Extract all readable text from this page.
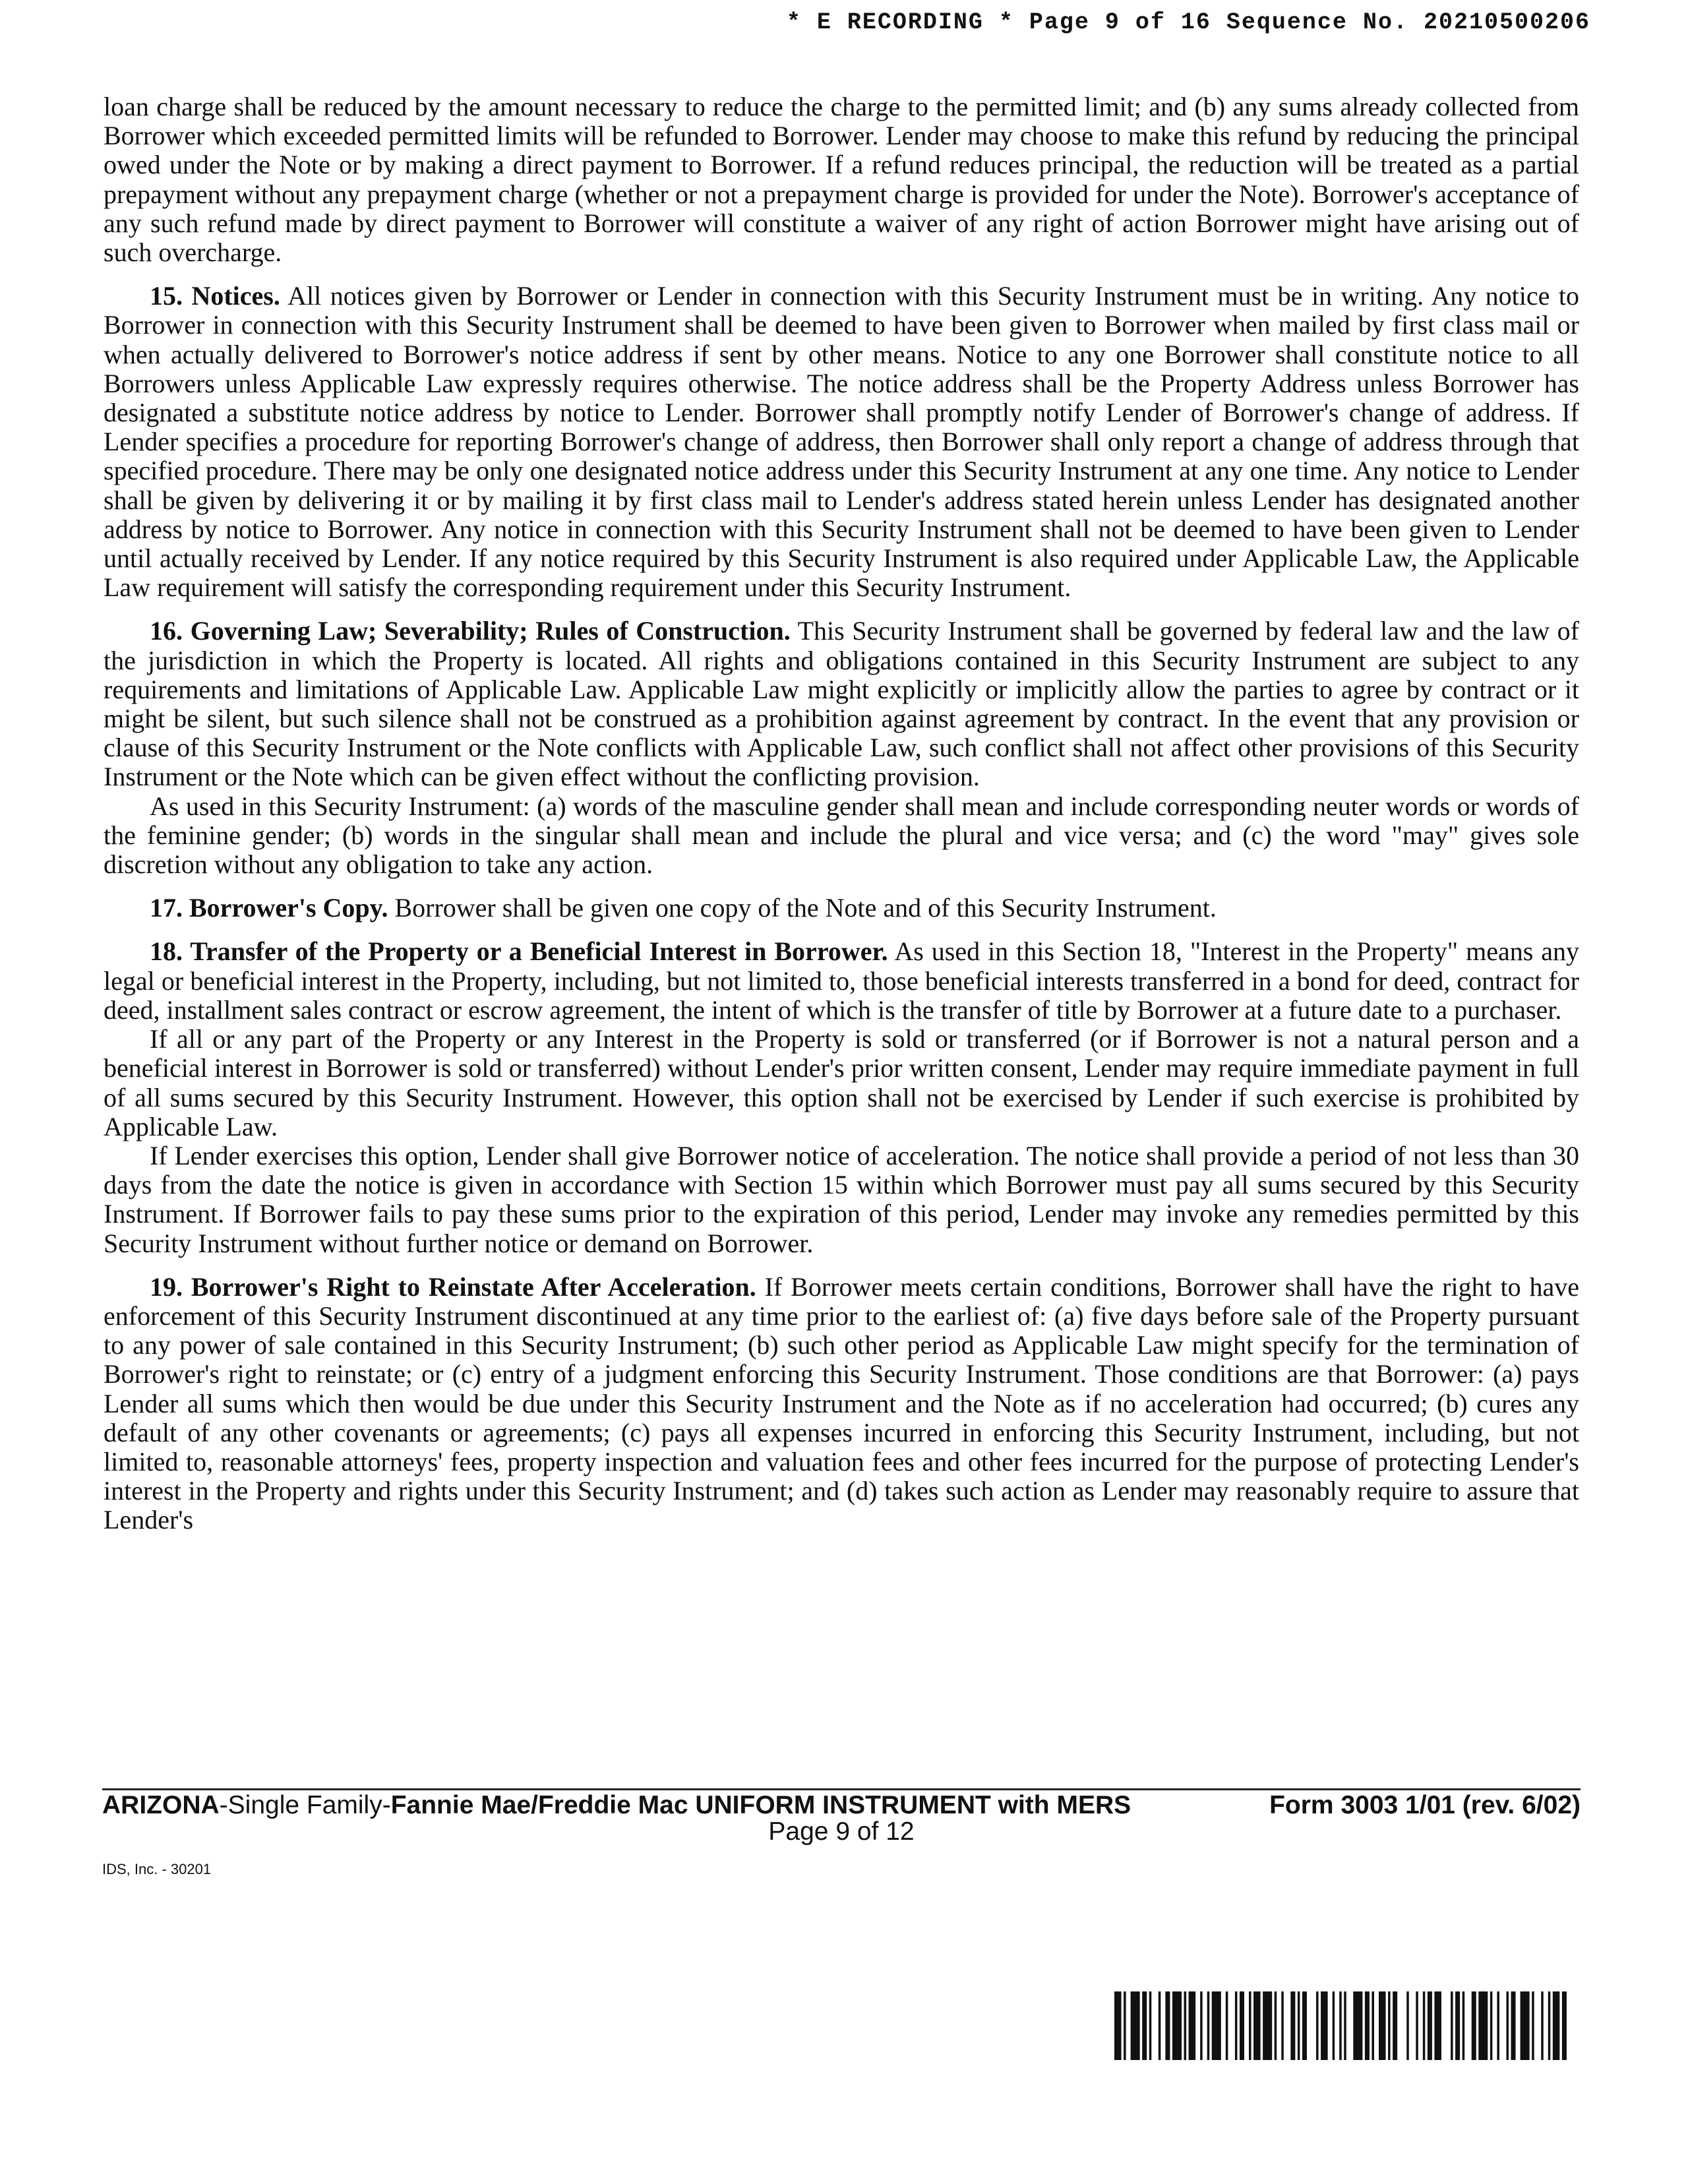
* E RECORDING * Page 9 of 16 Sequence No. 20210500206

loan charge shall be reduced by the amount necessary to reduce the charge to the permitted limit; and (b) any sums already collected from Borrower which exceeded permitted limits will be refunded to Borrower. Lender may choose to make this refund by reducing the principal owed under the Note or by making a direct payment to Borrower. If a refund reduces principal, the reduction will be treated as a partial prepayment without any prepayment charge (whether or not a prepayment charge is provided for under the Note). Borrower's acceptance of any such refund made by direct payment to Borrower will constitute a waiver of any right of action Borrower might have arising out of such overcharge.

15. Notices. All notices given by Borrower or Lender in connection with this Security Instrument must be in writing. Any notice to Borrower in connection with this Security Instrument shall be deemed to have been given to Borrower when mailed by first class mail or when actually delivered to Borrower's notice address if sent by other means. Notice to any one Borrower shall constitute notice to all Borrowers unless Applicable Law expressly requires otherwise. The notice address shall be the Property Address unless Borrower has designated a substitute notice address by notice to Lender. Borrower shall promptly notify Lender of Borrower's change of address. If Lender specifies a procedure for reporting Borrower's change of address, then Borrower shall only report a change of address through that specified procedure. There may be only one designated notice address under this Security Instrument at any one time. Any notice to Lender shall be given by delivering it or by mailing it by first class mail to Lender's address stated herein unless Lender has designated another address by notice to Borrower. Any notice in connection with this Security Instrument shall not be deemed to have been given to Lender until actually received by Lender. If any notice required by this Security Instrument is also required under Applicable Law, the Applicable Law requirement will satisfy the corresponding requirement under this Security Instrument.

16. Governing Law; Severability; Rules of Construction. This Security Instrument shall be governed by federal law and the law of the jurisdiction in which the Property is located. All rights and obligations contained in this Security Instrument are subject to any requirements and limitations of Applicable Law. Applicable Law might explicitly or implicitly allow the parties to agree by contract or it might be silent, but such silence shall not be construed as a prohibition against agreement by contract. In the event that any provision or clause of this Security Instrument or the Note conflicts with Applicable Law, such conflict shall not affect other provisions of this Security Instrument or the Note which can be given effect without the conflicting provision.

As used in this Security Instrument: (a) words of the masculine gender shall mean and include corresponding neuter words or words of the feminine gender; (b) words in the singular shall mean and include the plural and vice versa; and (c) the word "may" gives sole discretion without any obligation to take any action.

17. Borrower's Copy. Borrower shall be given one copy of the Note and of this Security Instrument.

18. Transfer of the Property or a Beneficial Interest in Borrower. As used in this Section 18, "Interest in the Property" means any legal or beneficial interest in the Property, including, but not limited to, those beneficial interests transferred in a bond for deed, contract for deed, installment sales contract or escrow agreement, the intent of which is the transfer of title by Borrower at a future date to a purchaser.

If all or any part of the Property or any Interest in the Property is sold or transferred (or if Borrower is not a natural person and a beneficial interest in Borrower is sold or transferred) without Lender's prior written consent, Lender may require immediate payment in full of all sums secured by this Security Instrument. However, this option shall not be exercised by Lender if such exercise is prohibited by Applicable Law.

If Lender exercises this option, Lender shall give Borrower notice of acceleration. The notice shall provide a period of not less than 30 days from the date the notice is given in accordance with Section 15 within which Borrower must pay all sums secured by this Security Instrument. If Borrower fails to pay these sums prior to the expiration of this period, Lender may invoke any remedies permitted by this Security Instrument without further notice or demand on Borrower.

19. Borrower's Right to Reinstate After Acceleration. If Borrower meets certain conditions, Borrower shall have the right to have enforcement of this Security Instrument discontinued at any time prior to the earliest of: (a) five days before sale of the Property pursuant to any power of sale contained in this Security Instrument; (b) such other period as Applicable Law might specify for the termination of Borrower's right to reinstate; or (c) entry of a judgment enforcing this Security Instrument. Those conditions are that Borrower: (a) pays Lender all sums which then would be due under this Security Instrument and the Note as if no acceleration had occurred; (b) cures any default of any other covenants or agreements; (c) pays all expenses incurred in enforcing this Security Instrument, including, but not limited to, reasonable attorneys' fees, property inspection and valuation fees and other fees incurred for the purpose of protecting Lender's interest in the Property and rights under this Security Instrument; and (d) takes such action as Lender may reasonably require to assure that Lender's

ARIZONA-Single Family-Fannie Mae/Freddie Mac UNIFORM INSTRUMENT with MERS	Form 3003 1/01 (rev. 6/02)
Page 9 of 12
IDS, Inc. - 30201
